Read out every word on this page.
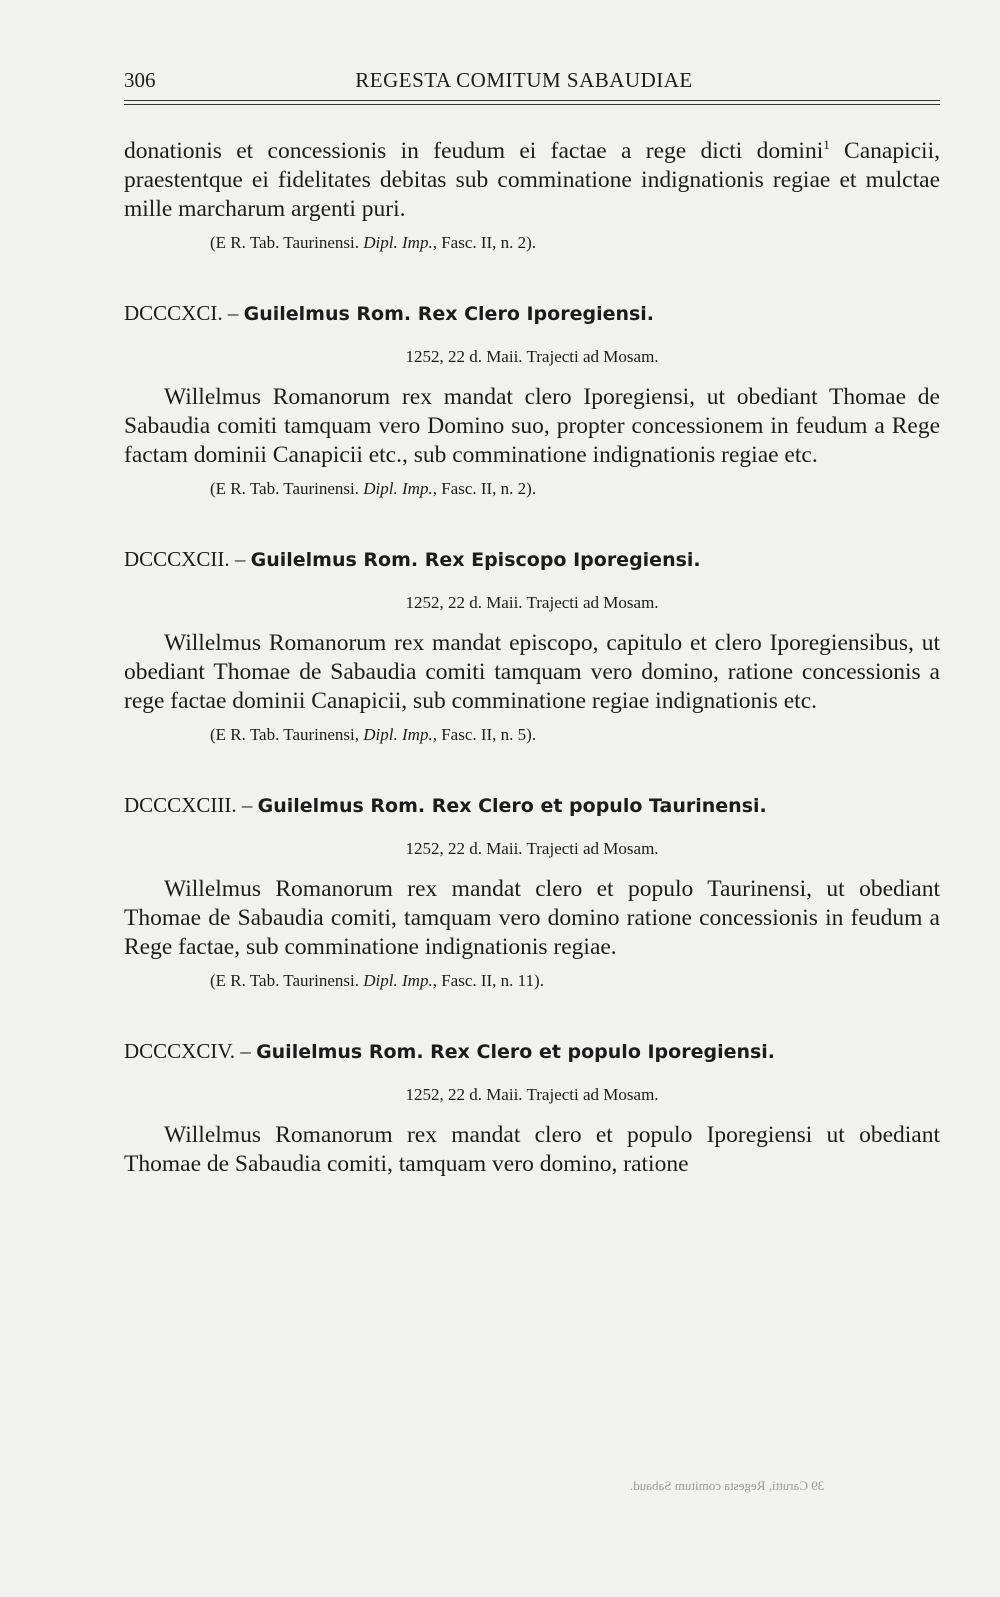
306	REGESTA COMITUM SABAUDIAE

donationis et concessionis in feudum ei factae a rege dicti domini$^1$ Canapicii, praestentque ei fidelitates debitas sub comminatione indignationis regiae et mulctae mille marcharum argenti puri.

(E R. Tab. Taurinensi. Dipl. Imp., Fasc. II, n. 2).
DCCCXCI. – Guilelmus Rom. Rex Clero Iporegiensi.
1252, 22 d. Maii. Trajecti ad Mosam.

Willelmus Romanorum rex mandat clero Iporegiensi, ut obediant Thomae de Sabaudia comiti tamquam vero Domino suo, propter concessionem in feudum a Rege factam dominii Canapicii etc., sub comminatione indignationis regiae etc.

(E R. Tab. Taurinensi. Dipl. Imp., Fasc. II, n. 2).
DCCCXCII. – Guilelmus Rom. Rex Episcopo Iporegiensi.
1252, 22 d. Maii. Trajecti ad Mosam.

Willelmus Romanorum rex mandat episcopo, capitulo et clero Iporegiensibus, ut obediant Thomae de Sabaudia comiti tamquam vero domino, ratione concessionis a rege factae dominii Canapicii, sub comminatione regiae indignationis etc.

(E R. Tab. Taurinensi, Dipl. Imp., Fasc. II, n. 5).
DCCCXCIII. – Guilelmus Rom. Rex Clero et populo Taurinensi.
1252, 22 d. Maii. Trajecti ad Mosam.

Willelmus Romanorum rex mandat clero et populo Taurinensi, ut obediant Thomae de Sabaudia comiti, tamquam vero domino ratione concessionis in feudum a Rege factae, sub comminatione indignationis regiae.

(E R. Tab. Taurinensi. Dipl. Imp., Fasc. II, n. 11).
DCCCXCIV. – Guilelmus Rom. Rex Clero et populo Iporegiensi.
1252, 22 d. Maii. Trajecti ad Mosam.

Willelmus Romanorum rex mandat clero et populo Iporegiensi ut obediant Thomae de Sabaudia comiti, tamquam vero domino, ratione

39 Carutti, Regesta comitum Sabaud.
